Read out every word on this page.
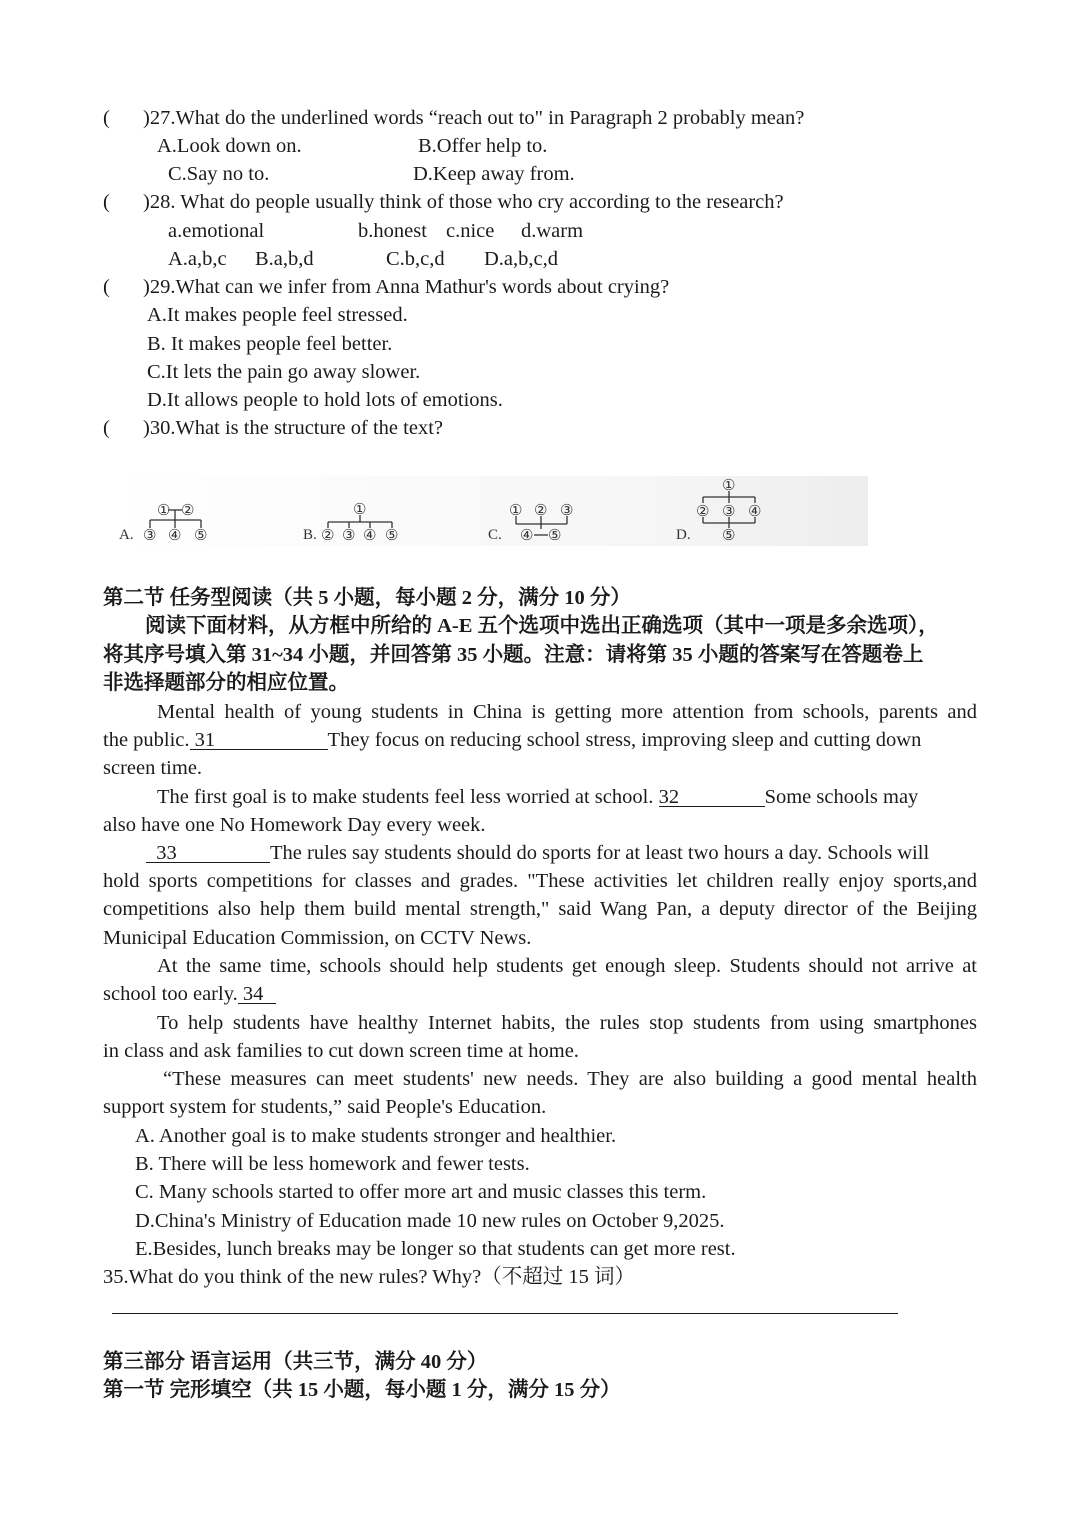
( )27.What do the underlined words “reach out to" in Paragraph 2 probably mean?
A.Look down on.	B.Offer help to.
C.Say no to.	D.Keep away from.
( )28. What do people usually think of those who cry according to the research?
a.emotional	b.honest c.nice d.warm
A.a,b,c B.a,b,d	C.b,c,d D.a,b,c,d
( )29.What can we infer from Anna Mathur's words about crying?
A.It makes people feel stressed.
B. It makes people feel better.
C.It lets the pain go away slower.
D.It allows people to hold lots of emotions.
( )30.What is the structure of the text?
A.
① ②
③ ④ ⑤	B.
①
② ③ ④ ⑤	C.
① ② ③
④ ⑤	D.
①
② ③ ④
⑤
第二节 任务型阅读（共 5 小题，每小题 2 分，满分 10 分）
阅读下面材料，从方框中所给的 A-E 五个选项中选出正确选项（其中一项是多余选项），
将其序号填入第 31~34 小题，并回答第 35 小题。注意：请将第 35 小题的答案写在答题卷上
非选择题部分的相应位置。
Mental health of young students in China is getting more attention from schools, parents and
the public. 31	They focus on reducing school stress, improving sleep and cutting down
screen time.
The first goal is to make students feel less worried at school. 32	Some schools may
also have one No Homework Day every week.
33	The rules say students should do sports for at least two hours a day. Schools will
hold sports competitions for classes and grades. "These activities let children really enjoy sports,and
competitions also help them build mental strength," said Wang Pan, a deputy director of the Beijing
Municipal Education Commission, on CCTV News.
At the same time, schools should help students get enough sleep. Students should not arrive at
school too early. 34
To help students have healthy Internet habits, the rules stop students from using smartphones
in class and ask families to cut down screen time at home.
“These measures can meet students' new needs. They are also building a good mental health
support system for students,” said People's Education.
A. Another goal is to make students stronger and healthier.
B. There will be less homework and fewer tests.
C. Many schools started to offer more art and music classes this term.
D.China's Ministry of Education made 10 new rules on October 9,2025.
E.Besides, lunch breaks may be longer so that students can get more rest.
35.What do you think of the new rules? Why?（不超过 15 词）
第三部分 语言运用（共三节，满分 40 分）
第一节 完形填空（共 15 小题，每小题 1 分，满分 15 分）
